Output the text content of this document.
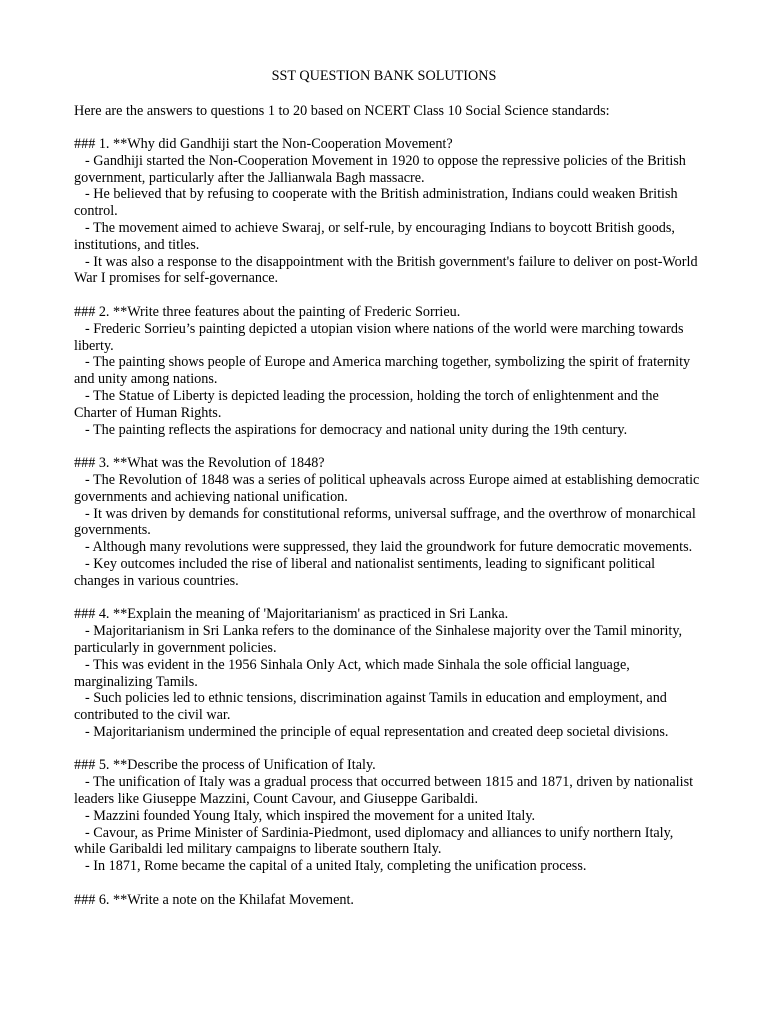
SST QUESTION BANK SOLUTIONS
Here are the answers to questions 1 to 20 based on NCERT Class 10 Social Science standards:
### 1. **Why did Gandhiji start the Non-Cooperation Movement?
- Gandhiji started the Non-Cooperation Movement in 1920 to oppose the repressive policies of the British government, particularly after the Jallianwala Bagh massacre.
- He believed that by refusing to cooperate with the British administration, Indians could weaken British control.
- The movement aimed to achieve Swaraj, or self-rule, by encouraging Indians to boycott British goods, institutions, and titles.
- It was also a response to the disappointment with the British government's failure to deliver on post-World War I promises for self-governance.
### 2. **Write three features about the painting of Frederic Sorrieu.
- Frederic Sorrieu’s painting depicted a utopian vision where nations of the world were marching towards liberty.
- The painting shows people of Europe and America marching together, symbolizing the spirit of fraternity and unity among nations.
- The Statue of Liberty is depicted leading the procession, holding the torch of enlightenment and the Charter of Human Rights.
- The painting reflects the aspirations for democracy and national unity during the 19th century.
### 3. **What was the Revolution of 1848?
- The Revolution of 1848 was a series of political upheavals across Europe aimed at establishing democratic governments and achieving national unification.
- It was driven by demands for constitutional reforms, universal suffrage, and the overthrow of monarchical governments.
- Although many revolutions were suppressed, they laid the groundwork for future democratic movements.
- Key outcomes included the rise of liberal and nationalist sentiments, leading to significant political changes in various countries.
### 4. **Explain the meaning of 'Majoritarianism' as practiced in Sri Lanka.
- Majoritarianism in Sri Lanka refers to the dominance of the Sinhalese majority over the Tamil minority, particularly in government policies.
- This was evident in the 1956 Sinhala Only Act, which made Sinhala the sole official language, marginalizing Tamils.
- Such policies led to ethnic tensions, discrimination against Tamils in education and employment, and contributed to the civil war.
- Majoritarianism undermined the principle of equal representation and created deep societal divisions.
### 5. **Describe the process of Unification of Italy.
- The unification of Italy was a gradual process that occurred between 1815 and 1871, driven by nationalist leaders like Giuseppe Mazzini, Count Cavour, and Giuseppe Garibaldi.
- Mazzini founded Young Italy, which inspired the movement for a united Italy.
- Cavour, as Prime Minister of Sardinia-Piedmont, used diplomacy and alliances to unify northern Italy, while Garibaldi led military campaigns to liberate southern Italy.
- In 1871, Rome became the capital of a united Italy, completing the unification process.
### 6. **Write a note on the Khilafat Movement.
